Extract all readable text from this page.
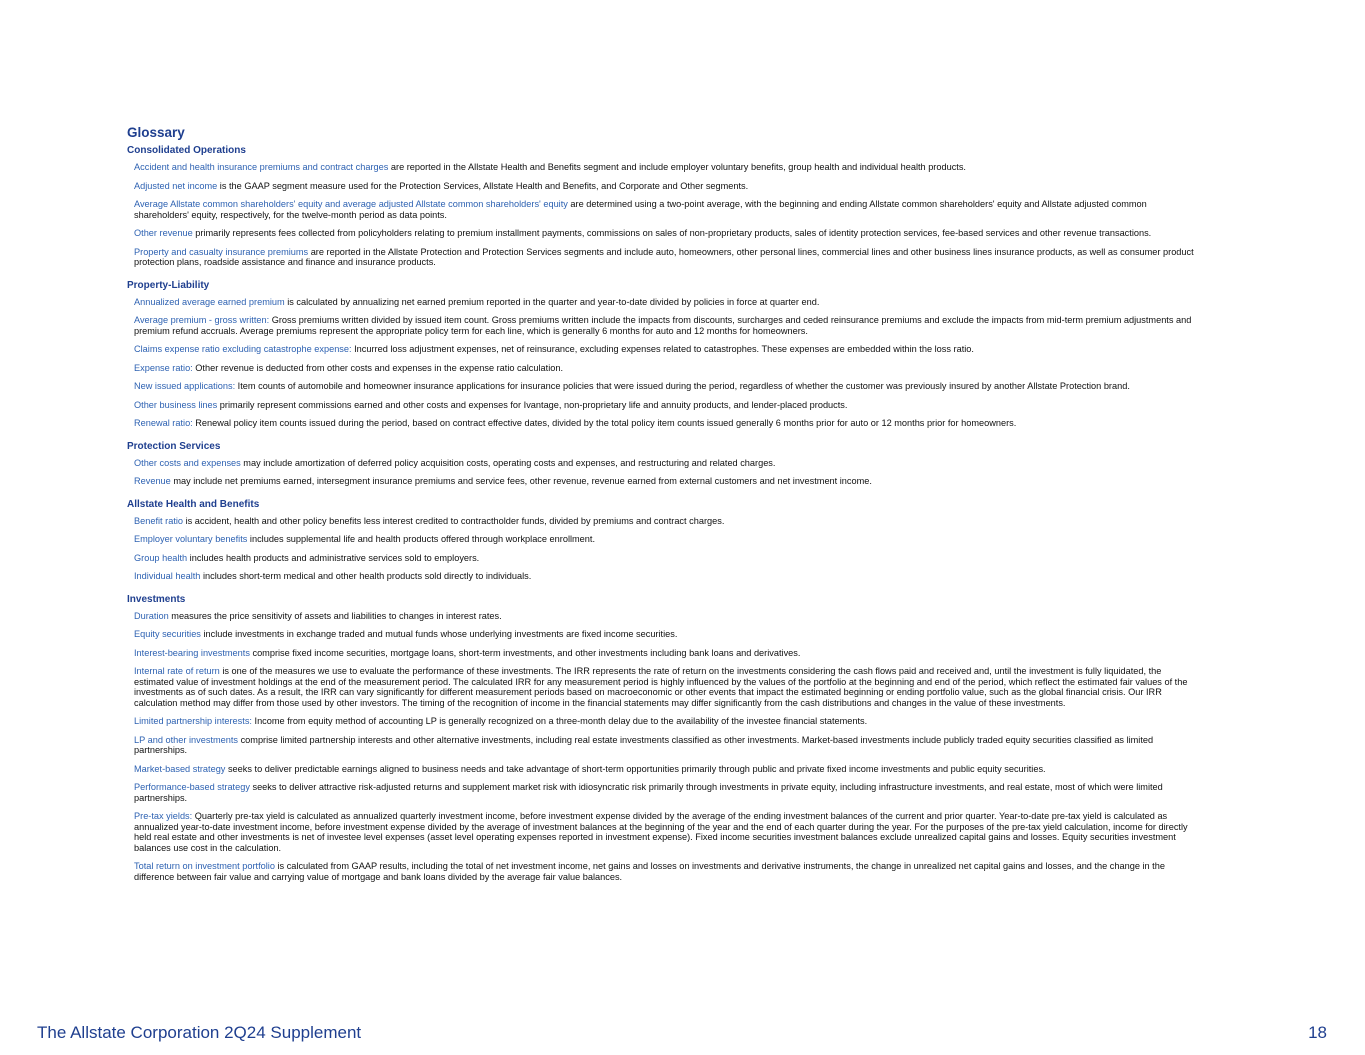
Glossary
Consolidated Operations
Accident and health insurance premiums and contract charges are reported in the Allstate Health and Benefits segment and include employer voluntary benefits, group health and individual health products.
Adjusted net income is the GAAP segment measure used for the Protection Services, Allstate Health and Benefits, and Corporate and Other segments.
Average Allstate common shareholders' equity and average adjusted Allstate common shareholders' equity are determined using a two-point average, with the beginning and ending Allstate common shareholders' equity and Allstate adjusted common shareholders' equity, respectively, for the twelve-month period as data points.
Other revenue primarily represents fees collected from policyholders relating to premium installment payments, commissions on sales of non-proprietary products, sales of identity protection services, fee-based services and other revenue transactions.
Property and casualty insurance premiums are reported in the Allstate Protection and Protection Services segments and include auto, homeowners, other personal lines, commercial lines and other business lines insurance products, as well as consumer product protection plans, roadside assistance and finance and insurance products.
Property-Liability
Annualized average earned premium is calculated by annualizing net earned premium reported in the quarter and year-to-date divided by policies in force at quarter end.
Average premium - gross written: Gross premiums written divided by issued item count. Gross premiums written include the impacts from discounts, surcharges and ceded reinsurance premiums and exclude the impacts from mid-term premium adjustments and premium refund accruals. Average premiums represent the appropriate policy term for each line, which is generally 6 months for auto and 12 months for homeowners.
Claims expense ratio excluding catastrophe expense: Incurred loss adjustment expenses, net of reinsurance, excluding expenses related to catastrophes. These expenses are embedded within the loss ratio.
Expense ratio: Other revenue is deducted from other costs and expenses in the expense ratio calculation.
New issued applications: Item counts of automobile and homeowner insurance applications for insurance policies that were issued during the period, regardless of whether the customer was previously insured by another Allstate Protection brand.
Other business lines primarily represent commissions earned and other costs and expenses for Ivantage, non-proprietary life and annuity products, and lender-placed products.
Renewal ratio: Renewal policy item counts issued during the period, based on contract effective dates, divided by the total policy item counts issued generally 6 months prior for auto or 12 months prior for homeowners.
Protection Services
Other costs and expenses may include amortization of deferred policy acquisition costs, operating costs and expenses, and restructuring and related charges.
Revenue may include net premiums earned, intersegment insurance premiums and service fees, other revenue, revenue earned from external customers and net investment income.
Allstate Health and Benefits
Benefit ratio is accident, health and other policy benefits less interest credited to contractholder funds, divided by premiums and contract charges.
Employer voluntary benefits includes supplemental life and health products offered through workplace enrollment.
Group health includes health products and administrative services sold to employers.
Individual health includes short-term medical and other health products sold directly to individuals.
Investments
Duration measures the price sensitivity of assets and liabilities to changes in interest rates.
Equity securities include investments in exchange traded and mutual funds whose underlying investments are fixed income securities.
Interest-bearing investments comprise fixed income securities, mortgage loans, short-term investments, and other investments including bank loans and derivatives.
Internal rate of return is one of the measures we use to evaluate the performance of these investments. The IRR represents the rate of return on the investments considering the cash flows paid and received and, until the investment is fully liquidated, the estimated value of investment holdings at the end of the measurement period. The calculated IRR for any measurement period is highly influenced by the values of the portfolio at the beginning and end of the period, which reflect the estimated fair values of the investments as of such dates. As a result, the IRR can vary significantly for different measurement periods based on macroeconomic or other events that impact the estimated beginning or ending portfolio value, such as the global financial crisis. Our IRR calculation method may differ from those used by other investors. The timing of the recognition of income in the financial statements may differ significantly from the cash distributions and changes in the value of these investments.
Limited partnership interests: Income from equity method of accounting LP is generally recognized on a three-month delay due to the availability of the investee financial statements.
LP and other investments comprise limited partnership interests and other alternative investments, including real estate investments classified as other investments. Market-based investments include publicly traded equity securities classified as limited partnerships.
Market-based strategy seeks to deliver predictable earnings aligned to business needs and take advantage of short-term opportunities primarily through public and private fixed income investments and public equity securities.
Performance-based strategy seeks to deliver attractive risk-adjusted returns and supplement market risk with idiosyncratic risk primarily through investments in private equity, including infrastructure investments, and real estate, most of which were limited partnerships.
Pre-tax yields: Quarterly pre-tax yield is calculated as annualized quarterly investment income, before investment expense divided by the average of the ending investment balances of the current and prior quarter. Year-to-date pre-tax yield is calculated as annualized year-to-date investment income, before investment expense divided by the average of investment balances at the beginning of the year and the end of each quarter during the year. For the purposes of the pre-tax yield calculation, income for directly held real estate and other investments is net of investee level expenses (asset level operating expenses reported in investment expense). Fixed income securities investment balances exclude unrealized capital gains and losses. Equity securities investment balances use cost in the calculation.
Total return on investment portfolio is calculated from GAAP results, including the total of net investment income, net gains and losses on investments and derivative instruments, the change in unrealized net capital gains and losses, and the change in the difference between fair value and carrying value of mortgage and bank loans divided by the average fair value balances.
The Allstate Corporation 2Q24 Supplement	18
